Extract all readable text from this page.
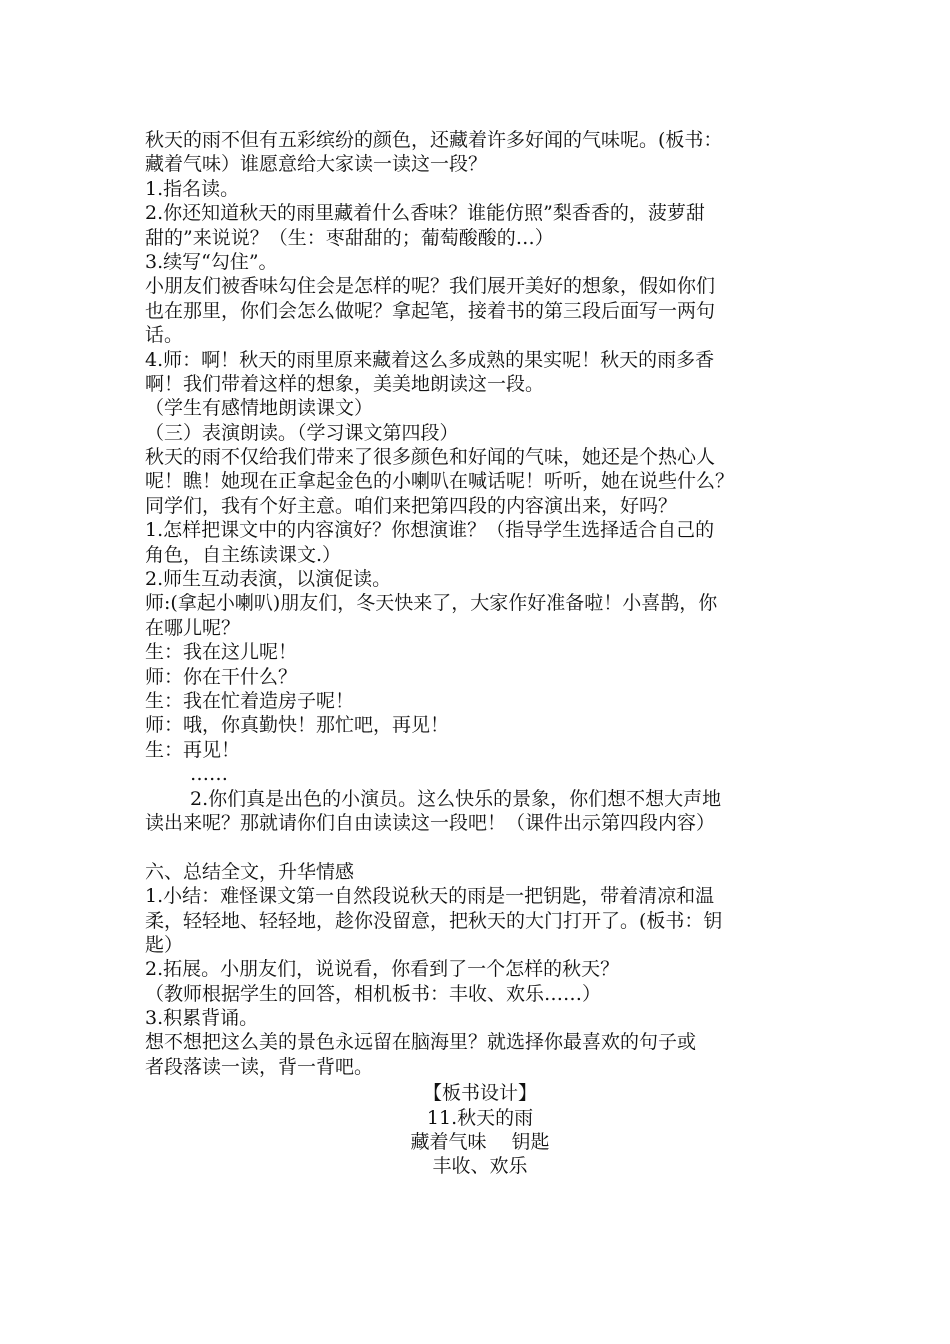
秋天的雨不但有五彩缤纷的颜色，还藏着许多好闻的气味呢。(板书：
藏着气味）谁愿意给大家读一读这一段？
1.指名读。
2.你还知道秋天的雨里藏着什么香味？谁能仿照”梨香香的，菠萝甜
甜的”来说说？（生：枣甜甜的；葡萄酸酸的…）
3.续写“勾住”。
小朋友们被香味勾住会是怎样的呢？我们展开美好的想象，假如你们
也在那里，你们会怎么做呢？拿起笔，接着书的第三段后面写一两句
话。
4.师：啊！秋天的雨里原来藏着这么多成熟的果实呢！秋天的雨多香
啊！我们带着这样的想象，美美地朗读这一段。
（学生有感情地朗读课文）
（三）表演朗读。（学习课文第四段）
秋天的雨不仅给我们带来了很多颜色和好闻的气味，她还是个热心人
呢！瞧！她现在正拿起金色的小喇叭在喊话呢！听听，她在说些什么？
同学们，我有个好主意。咱们来把第四段的内容演出来，好吗？
1.怎样把课文中的内容演好？你想演谁？（指导学生选择适合自己的
角色，自主练读课文.）
2.师生互动表演，以演促读。
师:(拿起小喇叭)朋友们，冬天快来了，大家作好准备啦！小喜鹊，你
在哪儿呢？
生：我在这儿呢！
师：你在干什么？
生：我在忙着造房子呢！
师：哦，你真勤快！那忙吧，再见！
生：再见！
……
2.你们真是出色的小演员。这么快乐的景象，你们想不想大声地
读出来呢？那就请你们自由读读这一段吧！（课件出示第四段内容）
六、总结全文，升华情感
1.小结：难怪课文第一自然段说秋天的雨是一把钥匙，带着清凉和温
柔，轻轻地、轻轻地，趁你没留意，把秋天的大门打开了。(板书：钥
匙）
2.拓展。小朋友们，说说看，你看到了一个怎样的秋天？
（教师根据学生的回答，相机板书：丰收、欢乐……）
3.积累背诵。
想不想把这么美的景色永远留在脑海里？就选择你最喜欢的句子或
者段落读一读，背一背吧。
【板书设计】
11.秋天的雨
藏着气味　 钥匙
丰收、欢乐
